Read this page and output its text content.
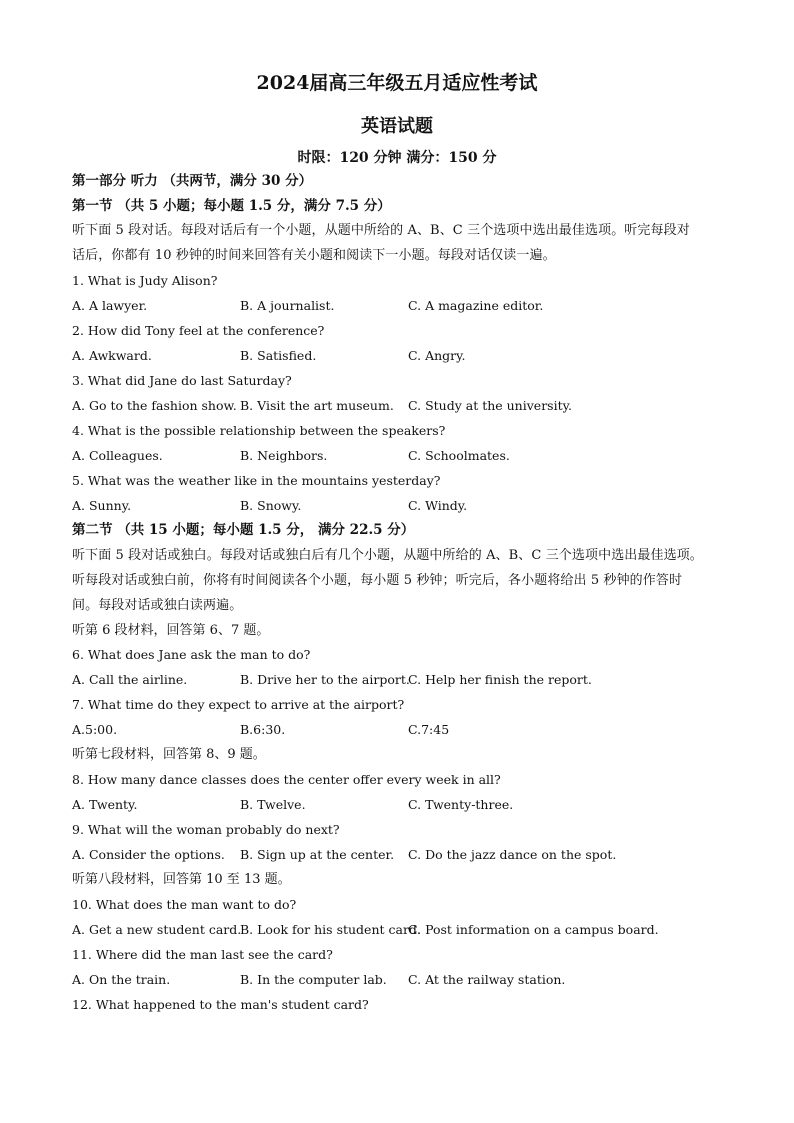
2024届高三年级五月适应性考试
英语试题
时限：120 分钟 满分：150 分
第一部分 听力 （共两节，满分 30 分）
第一节 （共 5 小题；每小题 1.5 分，满分 7.5 分）
听下面 5 段对话。每段对话后有一个小题，从题中所给的 A、B、C 三个选项中选出最佳选项。听完每段对
话后，你都有 10 秒钟的时间来回答有关小题和阅读下一小题。每段对话仅读一遍。
1. What is Judy Alison?
A. A lawyer.	B. A journalist.	C. A magazine editor.
2. How did Tony feel at the conference?
A. Awkward.	B. Satisfied.	C. Angry.
3. What did Jane do last Saturday?
A. Go to the fashion show. B. Visit the art museum. C. Study at the university.
4. What is the possible relationship between the speakers?
A. Colleagues.	B. Neighbors.	C. Schoolmates.
5. What was the weather like in the mountains yesterday?
A. Sunny.	B. Snowy.	C. Windy.
第二节 （共 15 小题；每小题 1.5 分， 满分 22.5 分）
听下面 5 段对话或独白。每段对话或独白后有几个小题，从题中所给的 A、B、C 三个选项中选出最佳选项。
听每段对话或独白前，你将有时间阅读各个小题，每小题 5 秒钟；听完后，各小题将给出 5 秒钟的作答时
间。每段对话或独白读两遍。
听第 6 段材料，回答第 6、7 题。
6. What does Jane ask the man to do?
A. Call the airline.	B. Drive her to the airport.
C. Help her finish the report.
7. What time do they expect to arrive at the airport?
A.5:00.	B.6:30.	C.7:45
听第七段材料，回答第 8、9 题。
8. How many dance classes does the center offer every week in all?
A. Twenty.	B. Twelve.	C. Twenty-three.
9. What will the woman probably do next?
A. Consider the options. B. Sign up at the center. C. Do the jazz dance on the spot.
听第八段材料，回答第 10 至 13 题。
10. What does the man want to do?
A. Get a new student card.
B. Look for his student card.
C. Post information on a campus board.
11. Where did the man last see the card?
A. On the train.	B. In the computer lab. C. At the railway station.
12. What happened to the man's student card?
